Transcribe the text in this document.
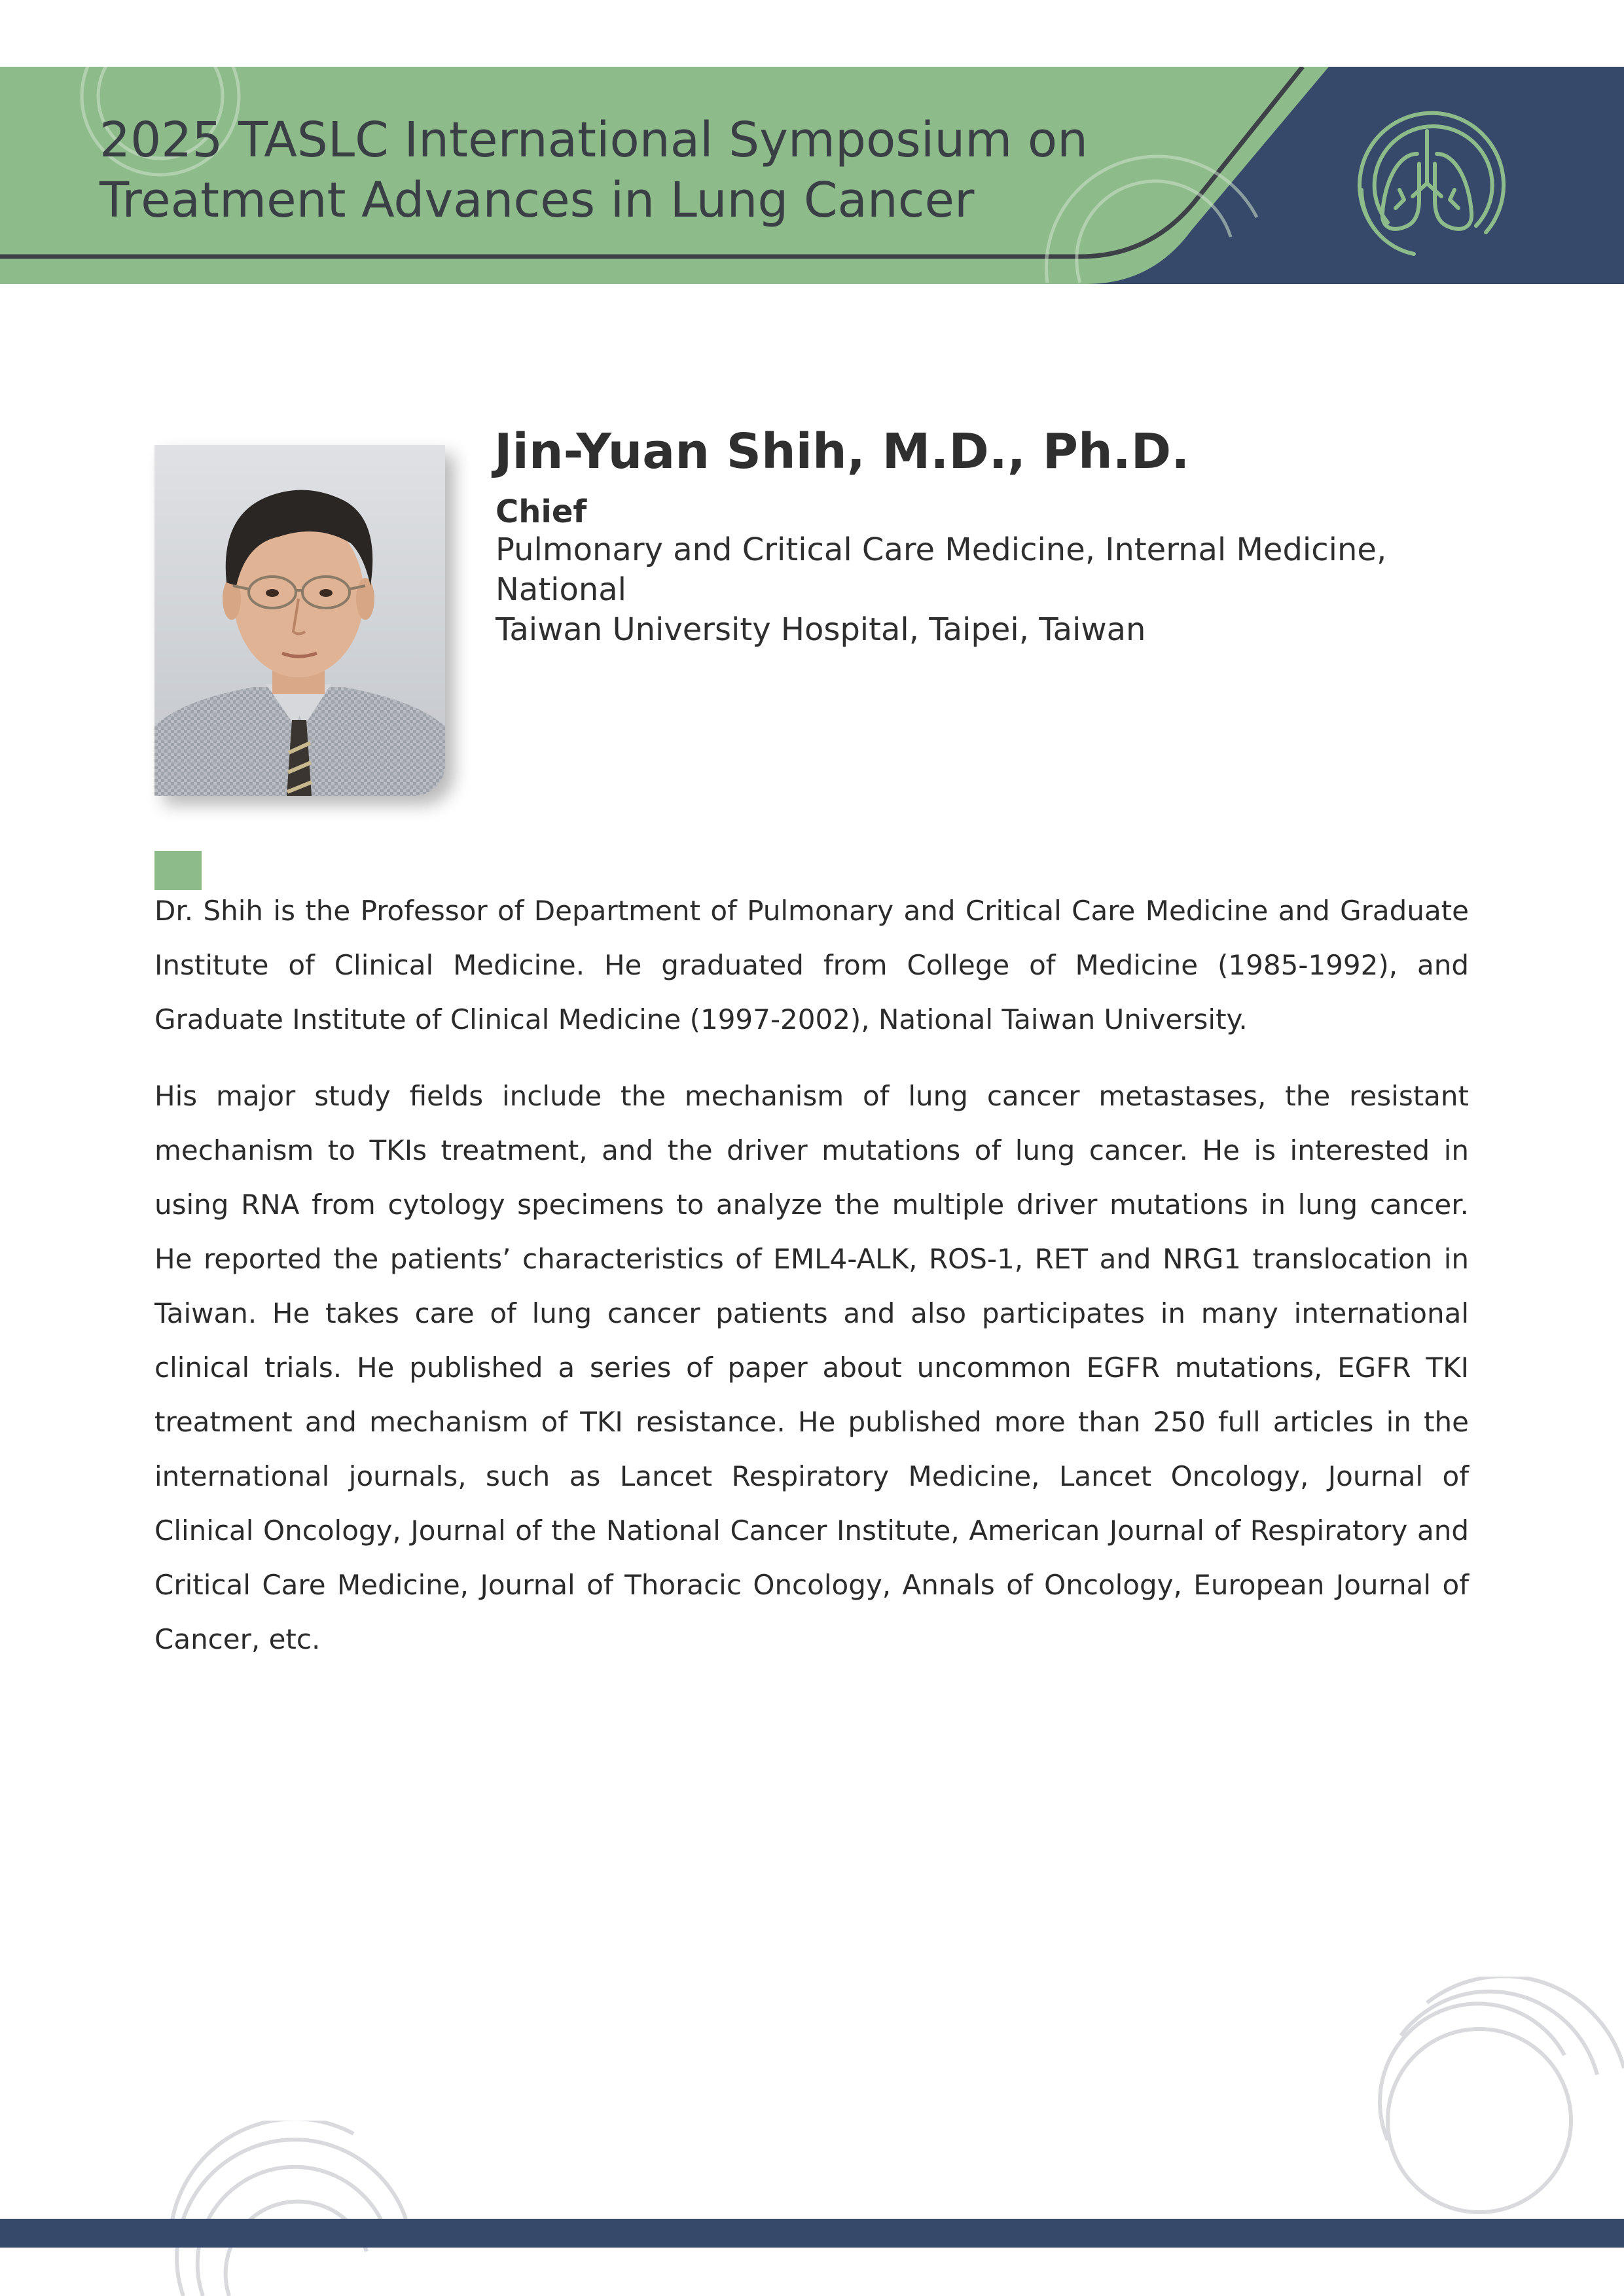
2025 TASLC International Symposium on
Treatment Advances in Lung Cancer
Jin-Yuan Shih, M.D., Ph.D.
Chief
Pulmonary and Critical Care Medicine, Internal Medicine, National
Taiwan University Hospital, Taipei, Taiwan

Dr. Shih is the Professor of Department of Pulmonary and Critical Care Medicine and Graduate Institute of Clinical Medicine. He graduated from College of Medicine (1985-1992), and Graduate Institute of Clinical Medicine (1997-2002), National Taiwan University.

His major study fields include the mechanism of lung cancer metastases, the resistant mechanism to TKIs treatment, and the driver mutations of lung cancer. He is interested in using RNA from cytology specimens to analyze the multiple driver mutations in lung cancer. He reported the patients’ characteristics of EML4-ALK, ROS-1, RET and NRG1 translocation in Taiwan. He takes care of lung cancer patients and also participates in many international clinical trials. He published a series of paper about uncommon EGFR mutations, EGFR TKI treatment and mechanism of TKI resistance. He published more than 250 full articles in the international journals, such as Lancet Respiratory Medicine, Lancet Oncology, Journal of Clinical Oncology, Journal of the National Cancer Institute, American Journal of Respiratory and Critical Care Medicine, Journal of Thoracic Oncology, Annals of Oncology, European Journal of Cancer, etc.
